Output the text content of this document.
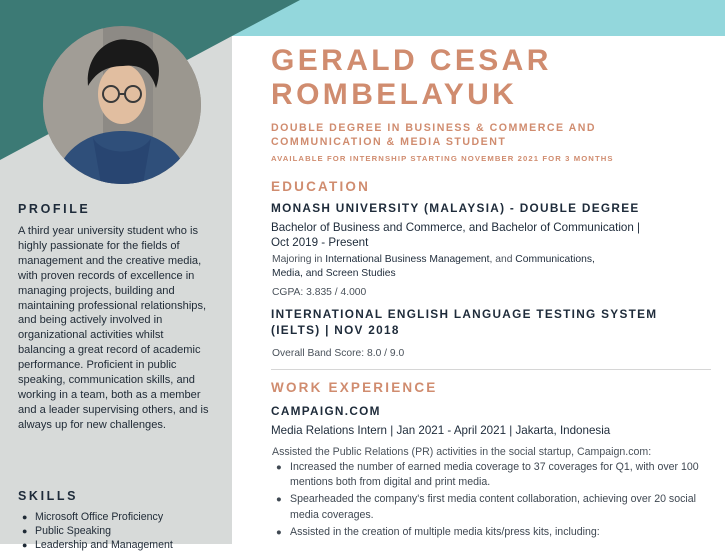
PROFILE

A third year university student who is highly passionate for the fields of management and the creative media, with proven records of excellence in managing projects, building and maintaining professional relationships, and being actively involved in organizational activities whilst balancing a great record of academic performance. Proficient in public speaking, communication skills, and working in a team, both as a member and a leader supervising others, and is always up for new challenges.

SKILLS
● Microsoft Office Proficiency
● Public Speaking
● Leadership and Management
GERALD CESAR
ROMBELAYUK

DOUBLE DEGREE IN BUSINESS & COMMERCE AND COMMUNICATION & MEDIA STUDENT

AVAILABLE FOR INTERNSHIP STARTING NOVEMBER 2021 FOR 3 MONTHS

EDUCATION

MONASH UNIVERSITY (MALAYSIA) - DOUBLE DEGREE

Bachelor of Business and Commerce, and Bachelor of Communication |
Oct 2019 - Present

Majoring in International Business Management, and Communications,
Media, and Screen Studies

CGPA: 3.835 / 4.000

INTERNATIONAL ENGLISH LANGUAGE TESTING SYSTEM
(IELTS) | NOV 2018

Overall Band Score: 8.0 / 9.0

WORK EXPERIENCE

CAMPAIGN.COM

Media Relations Intern | Jan 2021 - April 2021 | Jakarta, Indonesia

Assisted the Public Relations (PR) activities in the social startup, Campaign.com:

● Increased the number of earned media coverage to 37 coverages for Q1, with over 100 mentions both from digital and print media.
● Spearheaded the company's first media content collaboration, achieving over 20 social media coverages.
● Assisted in the creation of multiple media kits/press kits, including:
